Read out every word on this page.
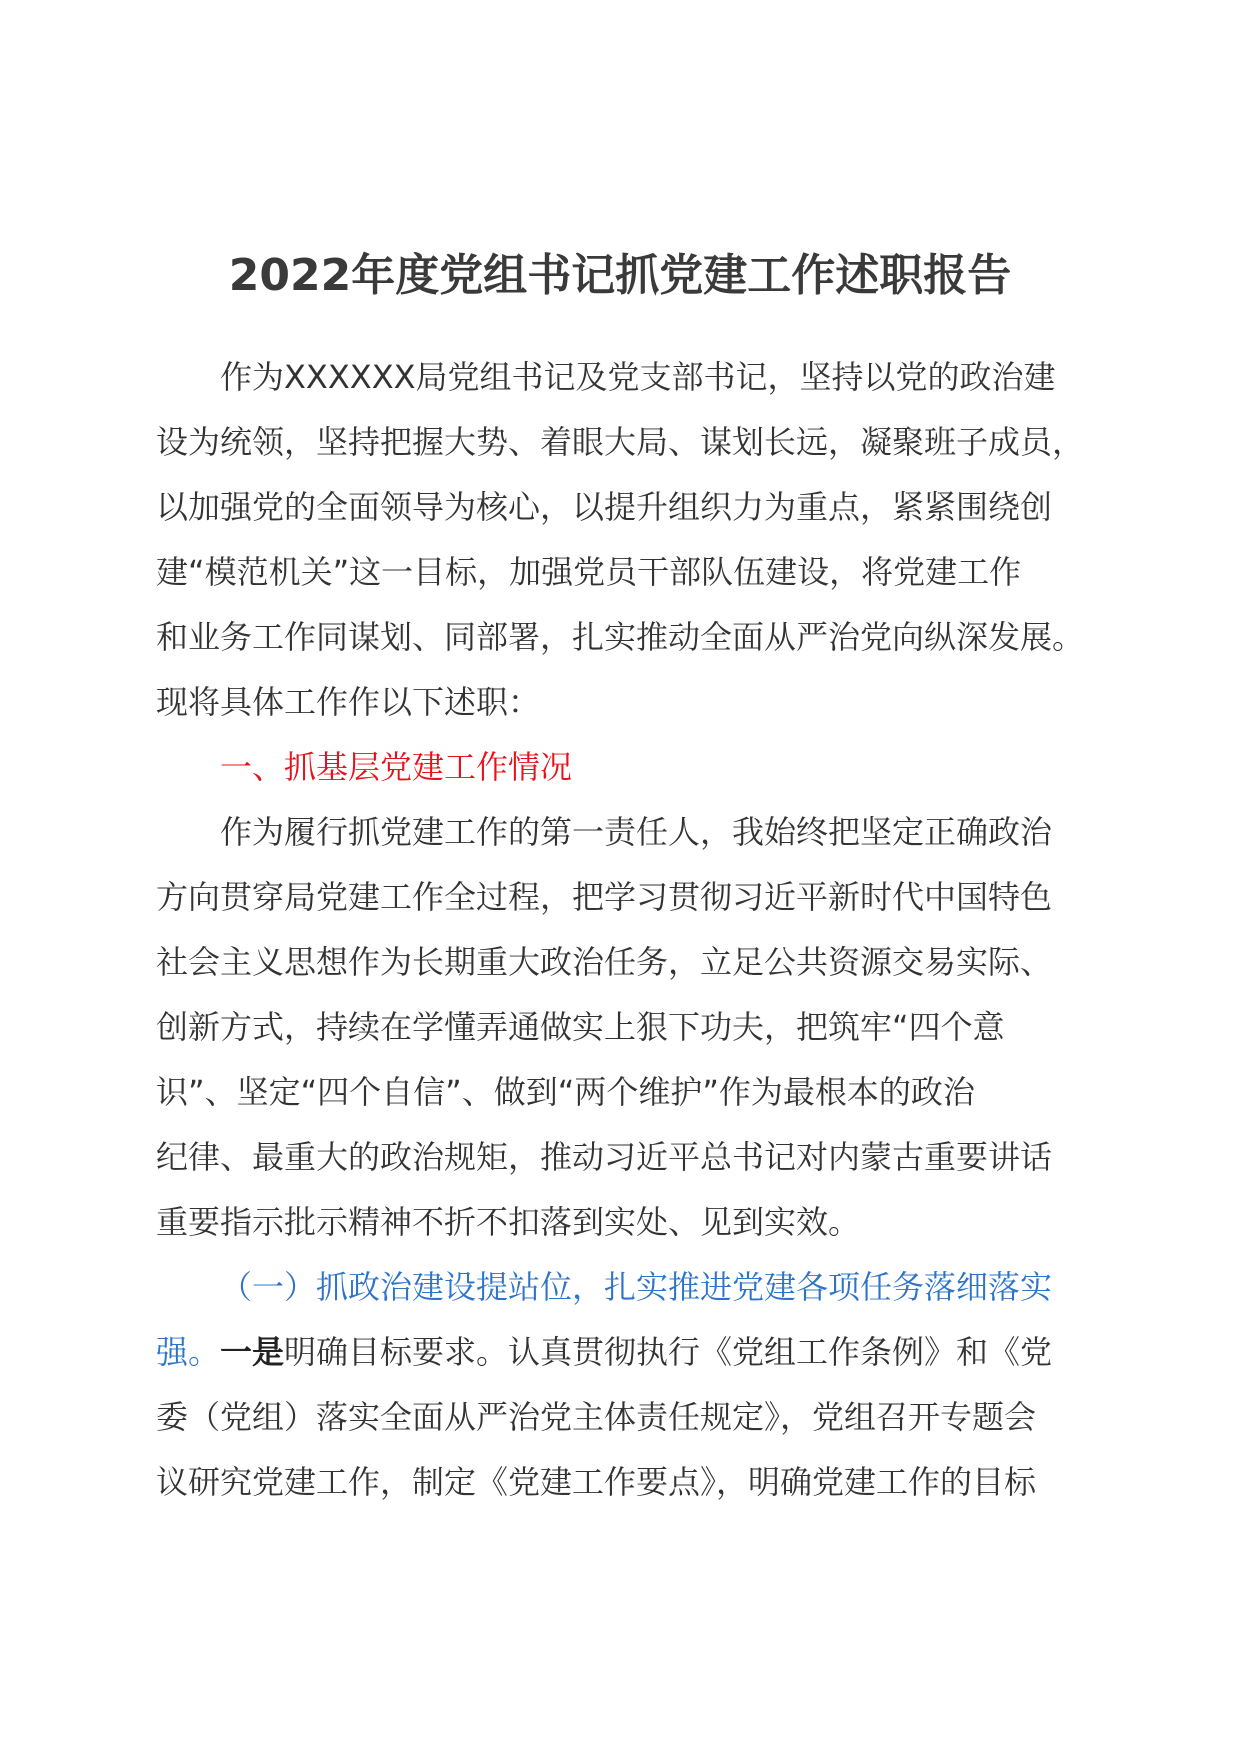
2022年度党组书记抓党建工作述职报告
作为XXXXXX局党组书记及党支部书记，坚持以党的政治建
设为统领，坚持把握大势、着眼大局、谋划长远，凝聚班子成员，
以加强党的全面领导为核心，以提升组织力为重点，紧紧围绕创
建“模范机关”这一目标，加强党员干部队伍建设，将党建工作
和业务工作同谋划、同部署，扎实推动全面从严治党向纵深发展。
现将具体工作作以下述职：
一、抓基层党建工作情况
作为履行抓党建工作的第一责任人，我始终把坚定正确政治
方向贯穿局党建工作全过程，把学习贯彻习近平新时代中国特色
社会主义思想作为长期重大政治任务，立足公共资源交易实际、
创新方式，持续在学懂弄通做实上狠下功夫，把筑牢“四个意
识”、坚定“四个自信”、做到“两个维护”作为最根本的政治
纪律、最重大的政治规矩，推动习近平总书记对内蒙古重要讲话
重要指示批示精神不折不扣落到实处、见到实效。
（一）抓政治建设提站位，扎实推进党建各项任务落细落实
强。一是明确目标要求。认真贯彻执行《党组工作条例》和《党
委（党组）落实全面从严治党主体责任规定》，党组召开专题会
议研究党建工作，制定《党建工作要点》，明确党建工作的目标
